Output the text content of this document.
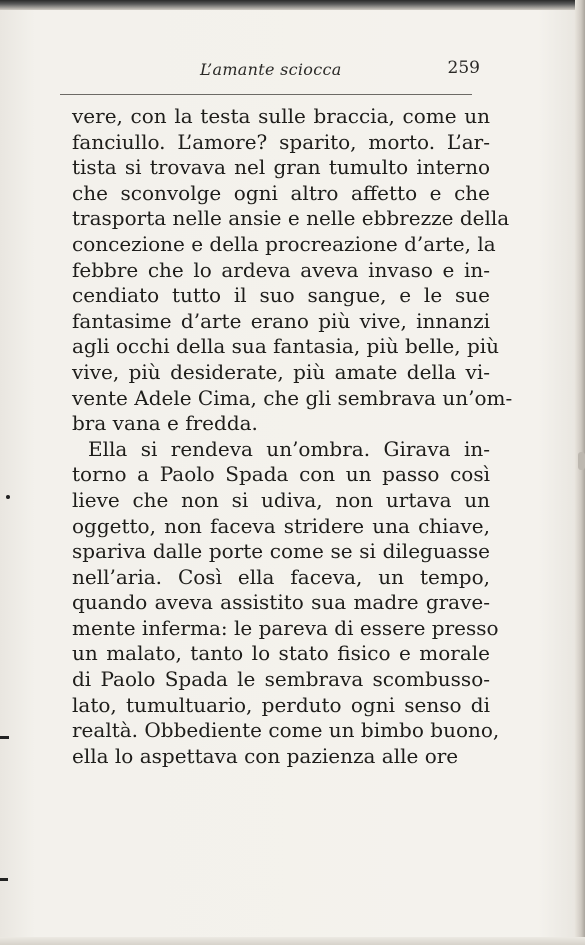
L’amante sciocca	259
vere, con la testa sulle braccia, come un
fanciullo. L’amore? sparito, morto. L’ar-
tista si trovava nel gran tumulto interno
che sconvolge ogni altro affetto e che
trasporta nelle ansie e nelle ebbrezze della
concezione e della procreazione d’arte, la
febbre che lo ardeva aveva invaso e in-
cendiato tutto il suo sangue, e le sue
fantasime d’arte erano più vive, innanzi
agli occhi della sua fantasia, più belle, più
vive, più desiderate, più amate della vi-
vente Adele Cima, che gli sembrava un’om-
bra vana e fredda.
Ella si rendeva un’ombra. Girava in-
torno a Paolo Spada con un passo così
lieve che non si udiva, non urtava un
oggetto, non faceva stridere una chiave,
spariva dalle porte come se si dileguasse
nell’aria. Così ella faceva, un tempo,
quando aveva assistito sua madre grave-
mente inferma: le pareva di essere presso
un malato, tanto lo stato fisico e morale
di Paolo Spada le sembrava scombusso-
lato, tumultuario, perduto ogni senso di
realtà. Obbediente come un bimbo buono,
ella lo aspettava con pazienza alle ore
